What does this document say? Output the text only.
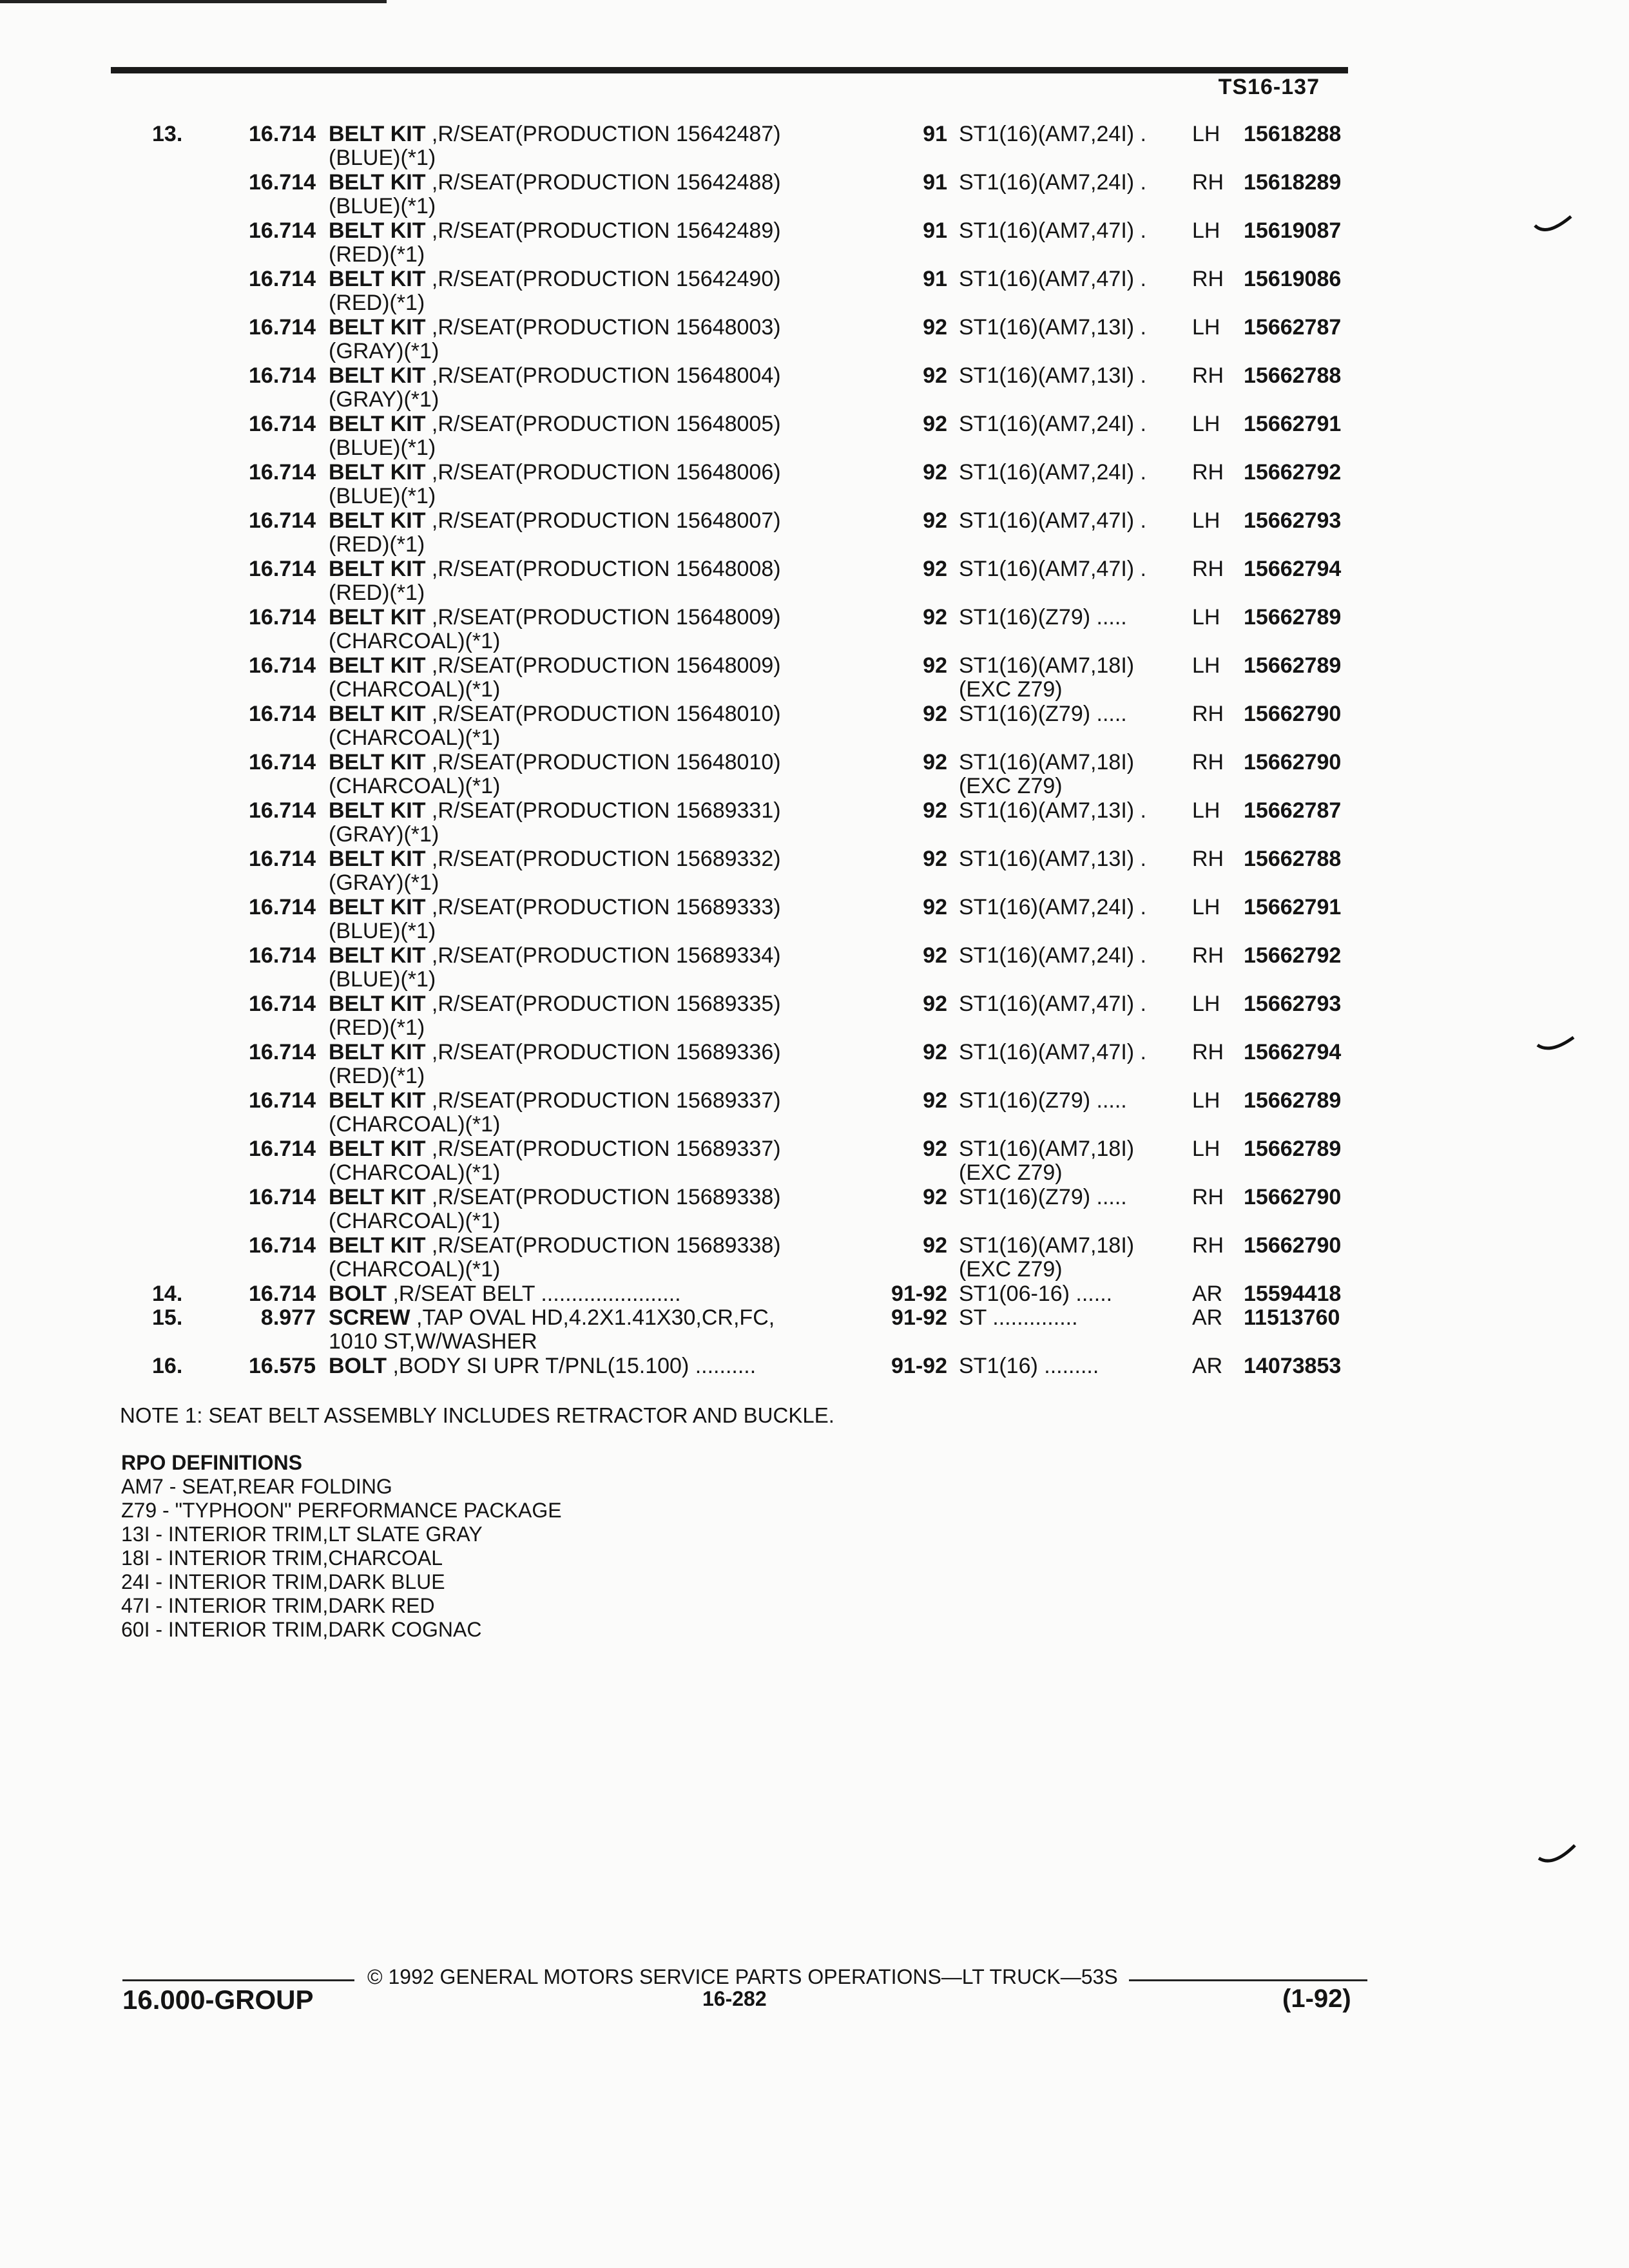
TS16-137
13.	16.714 BELT KIT ,R/SEAT(PRODUCTION 15642487)
(BLUE)(*1)
91 ST1(16)(AM7,24I) .	LH	15618288
16.714 BELT KIT ,R/SEAT(PRODUCTION 15642488)
(BLUE)(*1)
91 ST1(16)(AM7,24I) .	RH 15618289
16.714 BELT KIT ,R/SEAT(PRODUCTION 15642489)
(RED)(*1)
91 ST1(16)(AM7,47I) .	LH	15619087
16.714 BELT KIT ,R/SEAT(PRODUCTION 15642490)
(RED)(*1)
91 ST1(16)(AM7,47I) .	RH 15619086
16.714 BELT KIT ,R/SEAT(PRODUCTION 15648003)
(GRAY)(*1)
92 ST1(16)(AM7,13I) .	LH	15662787
16.714 BELT KIT ,R/SEAT(PRODUCTION 15648004)
(GRAY)(*1)
92 ST1(16)(AM7,13I) .	RH 15662788
16.714 BELT KIT ,R/SEAT(PRODUCTION 15648005)
(BLUE)(*1)
92 ST1(16)(AM7,24I) .	LH	15662791
16.714 BELT KIT ,R/SEAT(PRODUCTION 15648006)
(BLUE)(*1)
92 ST1(16)(AM7,24I) .	RH 15662792
16.714 BELT KIT ,R/SEAT(PRODUCTION 15648007)
(RED)(*1)
92 ST1(16)(AM7,47I) .	LH	15662793
16.714 BELT KIT ,R/SEAT(PRODUCTION 15648008)
(RED)(*1)
92 ST1(16)(AM7,47I) .	RH 15662794
16.714 BELT KIT ,R/SEAT(PRODUCTION 15648009)
(CHARCOAL)(*1)
92 ST1(16)(Z79) .....	LH	15662789
16.714 BELT KIT ,R/SEAT(PRODUCTION 15648009)
(CHARCOAL)(*1)
92 ST1(16)(AM7,18I)
(EXC Z79)
LH	15662789
16.714 BELT KIT ,R/SEAT(PRODUCTION 15648010)
(CHARCOAL)(*1)
92 ST1(16)(Z79) .....	RH 15662790
16.714 BELT KIT ,R/SEAT(PRODUCTION 15648010)
(CHARCOAL)(*1)
92 ST1(16)(AM7,18I)
(EXC Z79)
RH 15662790
16.714 BELT KIT ,R/SEAT(PRODUCTION 15689331)
(GRAY)(*1)
92 ST1(16)(AM7,13I) .	LH	15662787
16.714 BELT KIT ,R/SEAT(PRODUCTION 15689332)
(GRAY)(*1)
92 ST1(16)(AM7,13I) .	RH 15662788
16.714 BELT KIT ,R/SEAT(PRODUCTION 15689333)
(BLUE)(*1)
92 ST1(16)(AM7,24I) .	LH	15662791
16.714 BELT KIT ,R/SEAT(PRODUCTION 15689334)
(BLUE)(*1)
92 ST1(16)(AM7,24I) .	RH 15662792
16.714 BELT KIT ,R/SEAT(PRODUCTION 15689335)
(RED)(*1)
92 ST1(16)(AM7,47I) .	LH	15662793
16.714 BELT KIT ,R/SEAT(PRODUCTION 15689336)
(RED)(*1)
92 ST1(16)(AM7,47I) .	RH 15662794
16.714 BELT KIT ,R/SEAT(PRODUCTION 15689337)
(CHARCOAL)(*1)
92 ST1(16)(Z79) .....	LH	15662789
16.714 BELT KIT ,R/SEAT(PRODUCTION 15689337)
(CHARCOAL)(*1)
92 ST1(16)(AM7,18I)
(EXC Z79)
LH	15662789
16.714 BELT KIT ,R/SEAT(PRODUCTION 15689338)
(CHARCOAL)(*1)
92 ST1(16)(Z79) .....	RH 15662790
16.714 BELT KIT ,R/SEAT(PRODUCTION 15689338)
(CHARCOAL)(*1)
92 ST1(16)(AM7,18I)
(EXC Z79)
RH 15662790
14.	16.714 BOLT ,R/SEAT BELT .......................	91-92 ST1(06-16) ......	AR 15594418
15.	8.977 SCREW ,TAP OVAL HD,4.2X1.41X30,CR,FC,
1010 ST,W/WASHER
91-92 ST ..............	AR 11513760
16.	16.575 BOLT ,BODY SI UPR T/PNL(15.100) ..........	91-92 ST1(16) .........	AR 14073853
NOTE 1: SEAT BELT ASSEMBLY INCLUDES RETRACTOR AND BUCKLE.
RPO DEFINITIONS
AM7 - SEAT,REAR FOLDING
Z79 - "TYPHOON" PERFORMANCE PACKAGE
13I - INTERIOR TRIM,LT SLATE GRAY
18I - INTERIOR TRIM,CHARCOAL
24I - INTERIOR TRIM,DARK BLUE
47I - INTERIOR TRIM,DARK RED
60I - INTERIOR TRIM,DARK COGNAC
© 1992 GENERAL MOTORS SERVICE PARTS OPERATIONS—LT TRUCK—53S
16.000-GROUP	16-282	(1-92)
